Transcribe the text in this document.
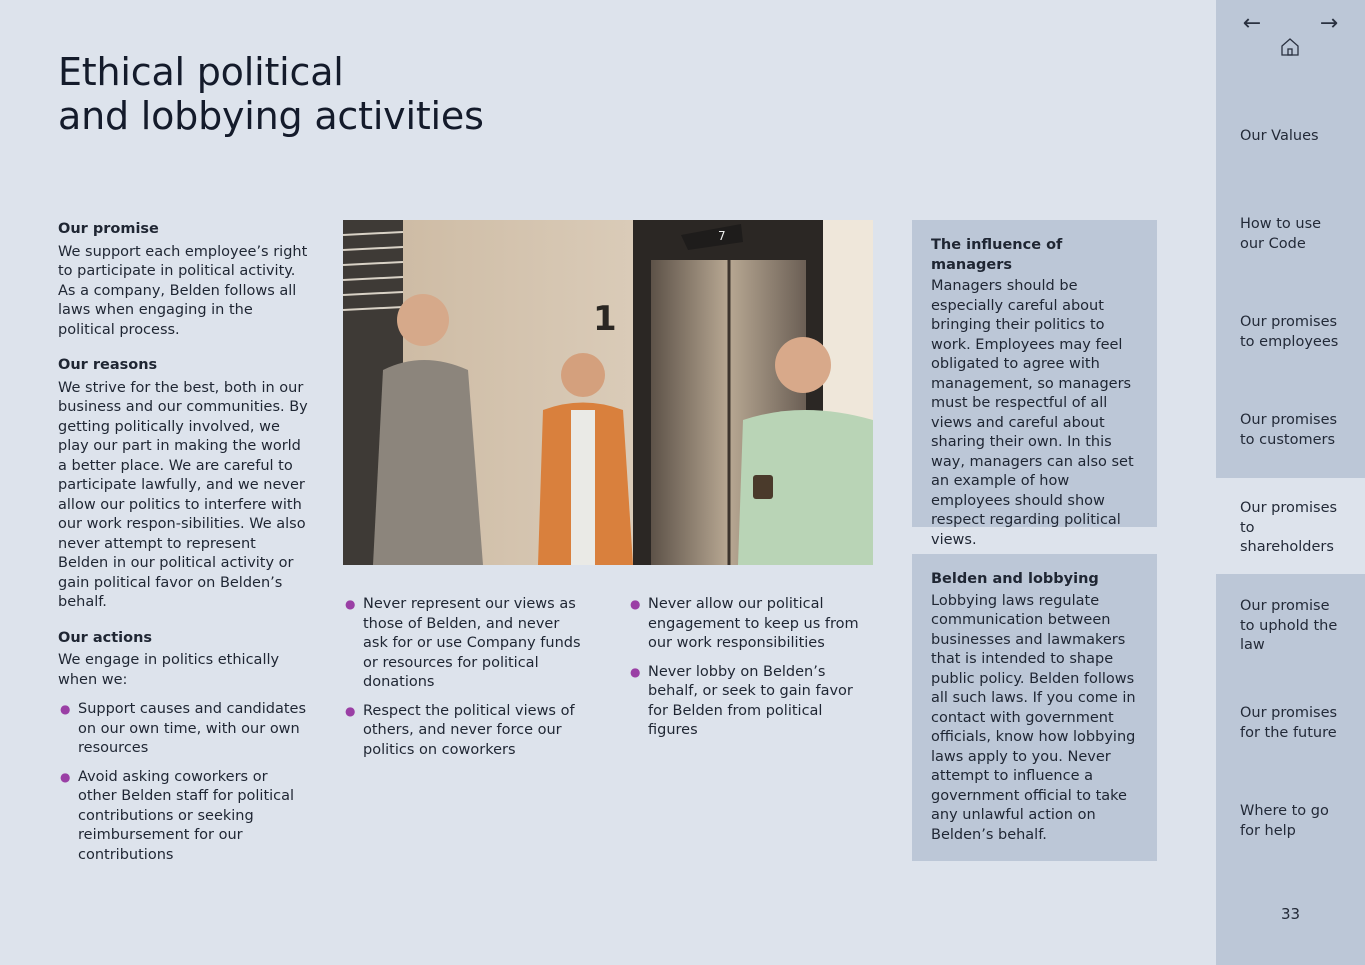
Ethical political
and lobbying activities

Our promise

We support each employee’s right to participate in political activity. As a company, Belden follows all laws when engaging in the political process.

Our reasons

We strive for the best, both in our business and our communities. By getting politically involved, we play our part in making the world a better place. We are careful to participate lawfully, and we never allow our politics to interfere with our work respon-sibilities. We also never attempt to represent Belden in our political activity or gain political favor on Belden’s behalf.

Our actions

We engage in politics ethically when we:

● Support causes and candidates on our own time, with our own resources
● Avoid asking coworkers or other Belden staff for political contributions or seeking reimbursement for our contributions
7
1
● Never represent our views as those of Belden, and never ask for or use Company funds or resources for political donations
● Respect the political views of others, and never force our politics on coworkers
● Never allow our political engagement to keep us from our work responsibilities
● Never lobby on Belden’s behalf, or seek to gain favor for Belden from political figures

The influence of managers

Managers should be especially careful about bringing their politics to work. Employees may feel obligated to agree with management, so managers must be respectful of all views and careful about sharing their own. In this way, managers can also set an example of how employees should show respect regarding political views.

Belden and lobbying

Lobbying laws regulate communication between businesses and lawmakers that is intended to shape public policy. Belden follows all such laws. If you come in contact with government officials, know how lobbying laws apply to you. Never attempt to influence a government official to take any unlawful action on Belden’s behalf.

←	→
Our Values
How to use our Code
Our promises to employees
Our promises to customers
Our promises to shareholders
Our promise to uphold the law
Our promises for the future
Where to go for help
33
